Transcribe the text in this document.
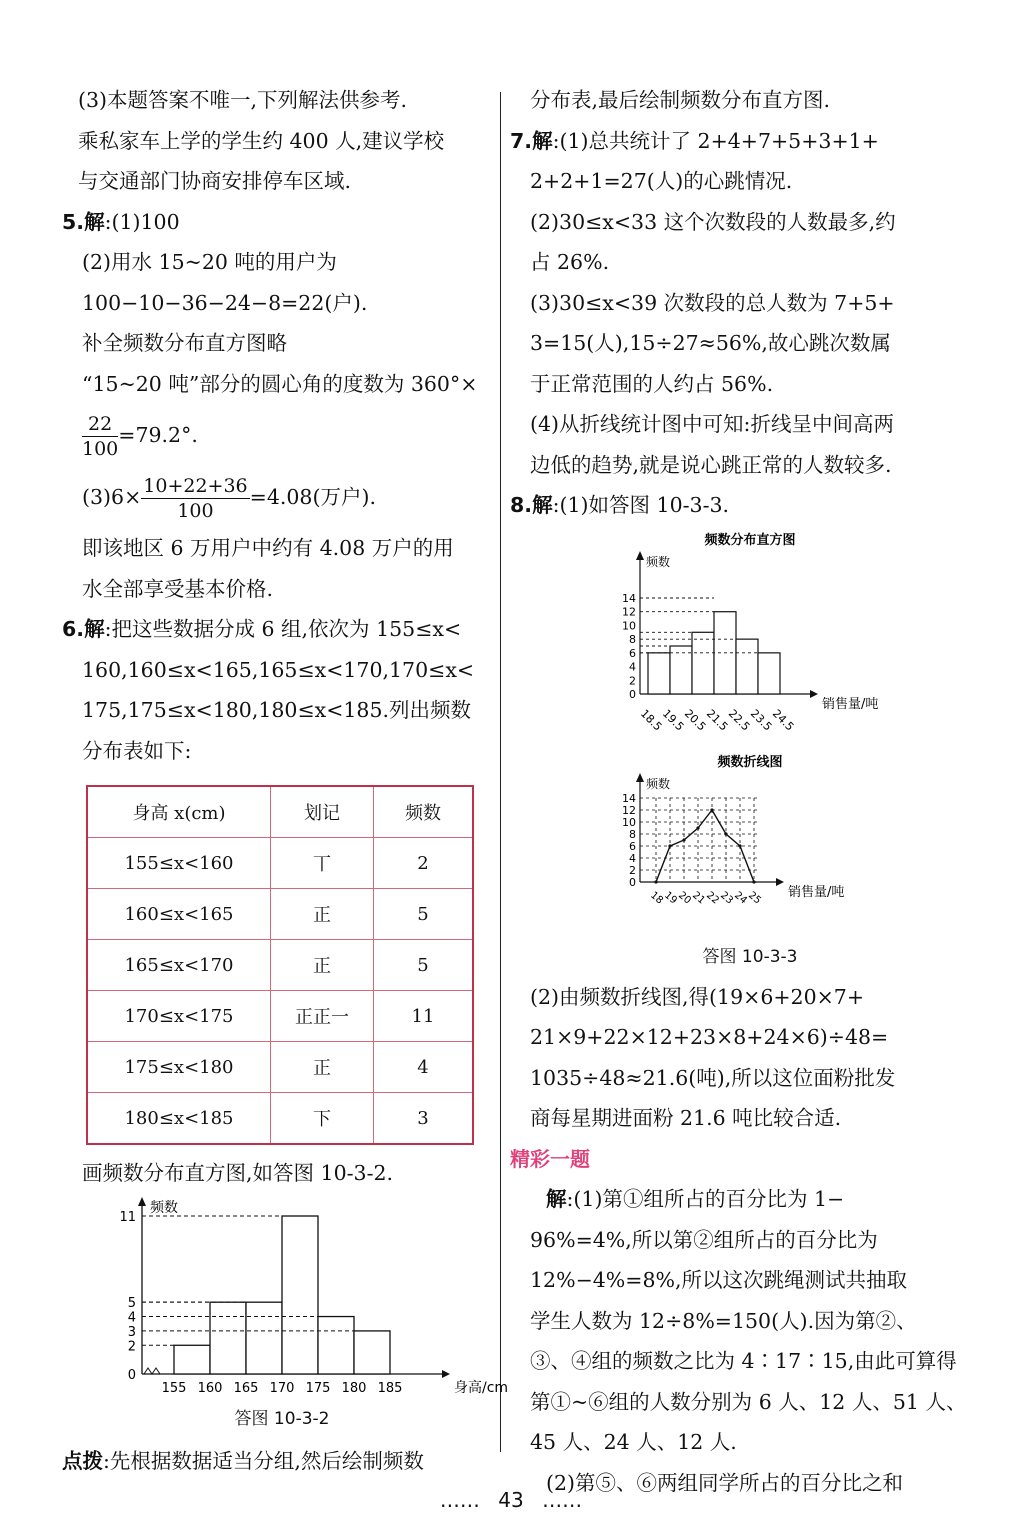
(3)本题答案不唯一,下列解法供参考.
乘私家车上学的学生约 400 人,建议学校
与交通部门协商安排停车区域.
5.解:(1)100
(2)用水 15~20 吨的用户为
100−10−36−24−8=22(户).
补全频数分布直方图略
“15~20 吨”部分的圆心角的度数为 360°×
$\frac{22}{100} =79.2^\circ$.
$(3)6\times \frac{10+22+36}{100} =4.08$(万户).
即该地区 6 万用户中约有 4.08 万户的用
水全部享受基本价格.
6.解:把这些数据分成 6 组,依次为 155≤x<
160,160≤x<165,165≤x<170,170≤x<
175,175≤x<180,180≤x<185.列出频数
分布表如下:
身高 x(cm)	划记	频数
155≤x<160	丅	2
160≤x<165	正	5
165≤x<170	正	5
170≤x<175	正正一	11
175≤x<180	正	4
180≤x<185	下	3
画频数分布直方图,如答图 10-3-2.
频数
身高/cm
0
2
3
4
5
11
155 160 165 170 175 180 185
答图 10-3-2
点拨:先根据数据适当分组,然后绘制频数
分布表,最后绘制频数分布直方图.
7.解:(1)总共统计了 2+4+7+5+3+1+
2+2+1=27(人)的心跳情况.
(2)30≤x<33 这个次数段的人数最多,约
占 26%.
(3)30≤x<39 次数段的总人数为 7+5+
3=15(人),15÷27≈56%,故心跳次数属
于正常范围的人约占 56%.
(4)从折线统计图中可知:折线呈中间高两
边低的趋势,就是说心跳正常的人数较多.
8.解:(1)如答图 10-3-3.
频数分布直方图
频数
销售量/吨
0
2
4
6
8
10
12
14
18.5
19.5
20.5
21.5
22.5
23.5
24.5
频数折线图
频数
销售量/吨
0
2
4
6
8
10
12
14
18
19
20
21
22
23
24
25
答图 10-3-3
(2)由频数折线图,得(19×6+20×7+
21×9+22×12+23×8+24×6)÷48=
1035÷48≈21.6(吨),所以这位面粉批发
商每星期进面粉 21.6 吨比较合适.
精彩一题
解:(1)第①组所占的百分比为 1−
96%=4%,所以第②组所占的百分比为
12%−4%=8%,所以这次跳绳测试共抽取
学生人数为 12÷8%=150(人).因为第②、
③、④组的频数之比为 4∶17∶15,由此可算得
第①~⑥组的人数分别为 6 人、12 人、51 人、
45 人、24 人、12 人.
(2)第⑤、⑥两组同学所占的百分比之和
…… 43 ……
